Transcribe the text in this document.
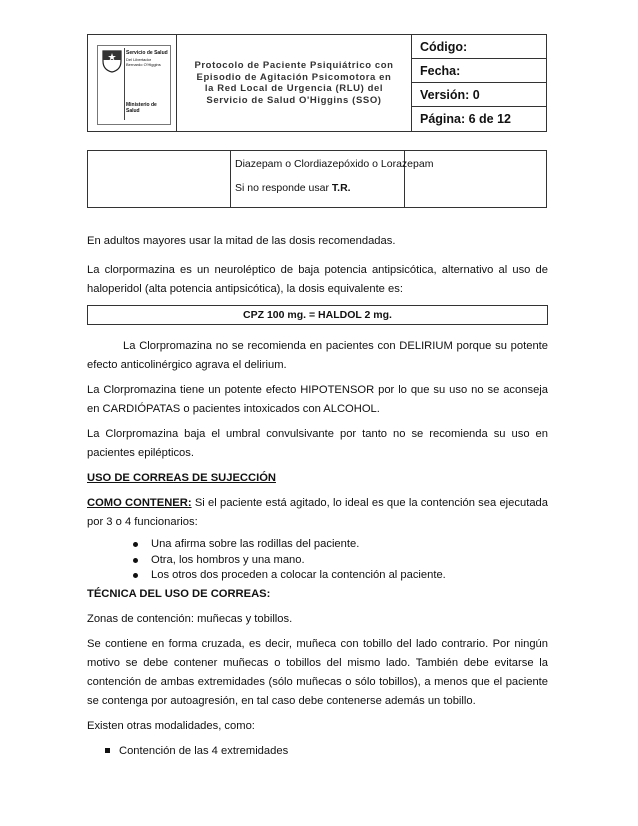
Servicio de Salud
Del Libertador Bernardo O'Higgins
Ministerio de Salud
Protocolo de Paciente Psiquiátrico con Episodio de Agitación Psicomotora en la Red Local de Urgencia (RLU) del Servicio de Salud O'Higgins (SSO)
Código:
Fecha:
Versión: 0
Página: 6 de 12

Diazepam o Clordiazepóxido o Lorazepam

Si no responde usar T.R.

En adultos mayores usar la mitad de las dosis recomendadas.

La clorpormazina es un neuroléptico de baja potencia antipsicótica, alternativo al uso de haloperidol (alta potencia antipsicótica), la dosis equivalente es:

CPZ 100 mg. = HALDOL 2 mg.

La Clorpromazina no se recomienda en pacientes con DELIRIUM porque su potente efecto anticolinérgico agrava el delirium.

La Clorpromazina tiene un potente efecto HIPOTENSOR por lo que su uso no se aconseja en CARDIÓPATAS o pacientes intoxicados con ALCOHOL.

La Clorpromazina baja el umbral convulsivante por tanto no se recomienda su uso en pacientes epilépticos.

USO DE CORREAS DE SUJECCIÓN

COMO CONTENER: Si el paciente está agitado, lo ideal es que la contención sea ejecutada por 3 o 4 funcionarios:

Una afirma sobre las rodillas del paciente.
Otra, los hombros y una mano.
Los otros dos proceden a colocar la contención al paciente.

TÉCNICA DEL USO DE CORREAS:

Zonas de contención: muñecas y tobillos.

Se contiene en forma cruzada, es decir, muñeca con tobillo del lado contrario. Por ningún motivo se debe contener muñecas o tobillos del mismo lado. También debe evitarse la contención de ambas extremidades (sólo muñecas o sólo tobillos), a menos que el paciente se contenga por autoagresión, en tal caso debe contenerse además un tobillo.

Existen otras modalidades, como:

Contención de las 4 extremidades
